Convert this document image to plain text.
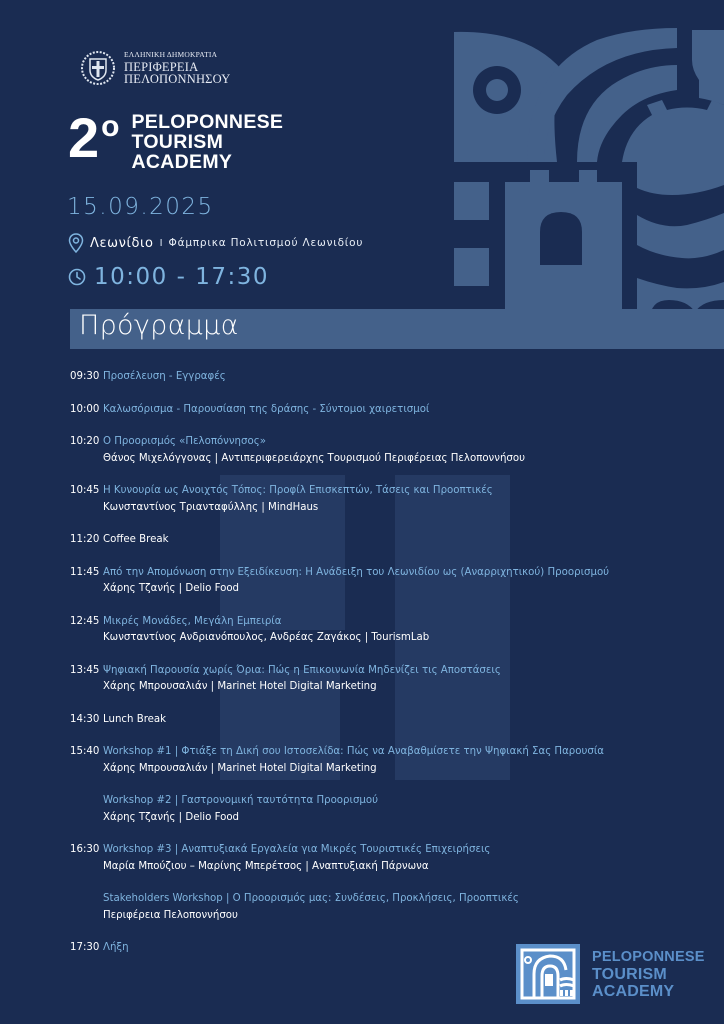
ΕΛΛΗΝΙΚΗ ΔΗΜΟΚΡΑΤΙΑ
ΠΕΡΙΦΕΡΕΙΑ
ΠΕΛΟΠΟΝΝΗΣΟΥ
2 ο PELOPONNESE
TOURISM
ACADEMY
15.09.2025
Λεωνίδιο I Φάμπρικα Πολιτισμού Λεωνιδίου
10:00 - 17:30
Πρόγραμμα
09:30 Προσέλευση - Εγγραφές
10:00 Καλωσόρισμα - Παρουσίαση της δράσης - Σύντομοι χαιρετισμοί
10:20 Ο Προορισμός «Πελοπόννησος»
Θάνος Μιχελόγγονας | Αντιπεριφερειάρχης Τουρισμού Περιφέρειας Πελοποννήσου
10:45 Η Κυνουρία ως Ανοιχτός Τόπος: Προφίλ Επισκεπτών, Τάσεις και Προοπτικές
Κωνσταντίνος Τριανταφύλλης | MindHaus
11:20 Coffee Break
11:45 Από την Απομόνωση στην Εξειδίκευση: Η Ανάδειξη του Λεωνιδίου ως (Αναρριχητικού) Προορισμού
Χάρης Τζανής | Delio Food
12:45 Μικρές Μονάδες, Μεγάλη Εμπειρία
Κωνσταντίνος Ανδριανόπουλος, Ανδρέας Ζαγάκος | TourismLab
13:45 Ψηφιακή Παρουσία χωρίς Όρια: Πώς η Επικοινωνία Μηδενίζει τις Αποστάσεις
Χάρης Μπρουσαλιάν | Marinet Hotel Digital Marketing
14:30 Lunch Break
15:40 Workshop #1 | Φτιάξε τη Δική σου Ιστοσελίδα: Πώς να Αναβαθμίσετε την Ψηφιακή Σας Παρουσία
Χάρης Μπρουσαλιάν | Marinet Hotel Digital Marketing
Workshop #2 | Γαστρονομική ταυτότητα Προορισμού
Χάρης Τζανής | Delio Food
16:30 Workshop #3 | Αναπτυξιακά Εργαλεία για Μικρές Τουριστικές Επιχειρήσεις
Μαρία Μπούζιου – Μαρίνης Μπερέτσος | Αναπτυξιακή Πάρνωνα
Stakeholders Workshop | Ο Προορισμός μας: Συνδέσεις, Προκλήσεις, Προοπτικές
Περιφέρεια Πελοποννήσου
17:30 Λήξη
PELOPONNESE
TOURISM
ACADEMY
